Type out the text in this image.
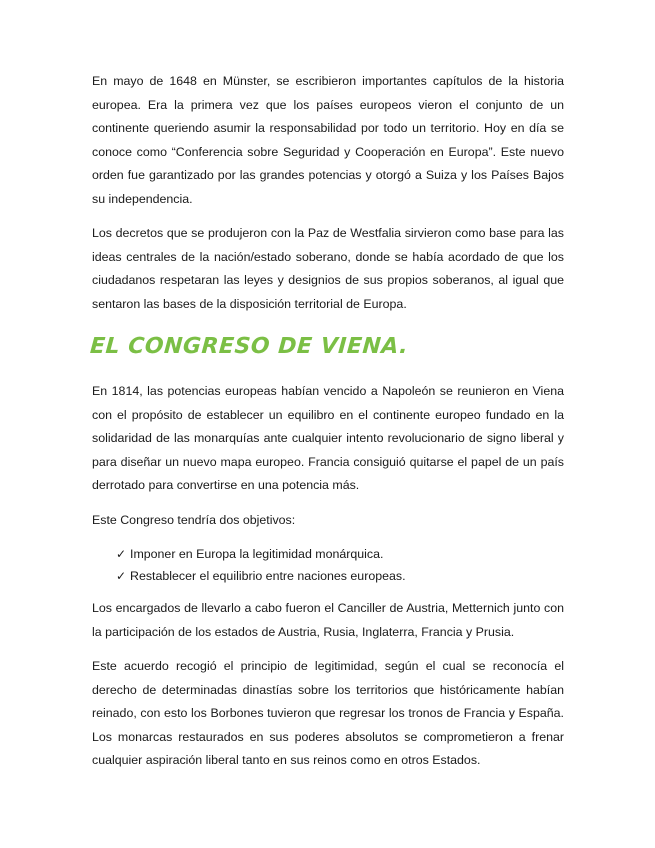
En mayo de 1648 en Münster, se escribieron importantes capítulos de la historia europea. Era la primera vez que los países europeos vieron el conjunto de un continente queriendo asumir la responsabilidad por todo un territorio. Hoy en día se conoce como “Conferencia sobre Seguridad y Cooperación en Europa”. Este nuevo orden fue garantizado por las grandes potencias y otorgó a Suiza y los Países Bajos su independencia.

Los decretos que se produjeron con la Paz de Westfalia sirvieron como base para las ideas centrales de la nación/estado soberano, donde se había acordado de que los ciudadanos respetaran las leyes y designios de sus propios soberanos, al igual que sentaron las bases de la disposición territorial de Europa.

EL CONGRESO DE VIENA.

En 1814, las potencias europeas habían vencido a Napoleón se reunieron en Viena con el propósito de establecer un equilibro en el continente europeo fundado en la solidaridad de las monarquías ante cualquier intento revolucionario de signo liberal y para diseñar un nuevo mapa europeo. Francia consiguió quitarse el papel de un país derrotado para convertirse en una potencia más.

Este Congreso tendría dos objetivos:

✓ Imponer en Europa la legitimidad monárquica.
✓ Restablecer el equilibrio entre naciones europeas.

Los encargados de llevarlo a cabo fueron el Canciller de Austria, Metternich junto con la participación de los estados de Austria, Rusia, Inglaterra, Francia y Prusia.

Este acuerdo recogió el principio de legitimidad, según el cual se reconocía el derecho de determinadas dinastías sobre los territorios que históricamente habían reinado, con esto los Borbones tuvieron que regresar los tronos de Francia y España. Los monarcas restaurados en sus poderes absolutos se comprometieron a frenar cualquier aspiración liberal tanto en sus reinos como en otros Estados.
